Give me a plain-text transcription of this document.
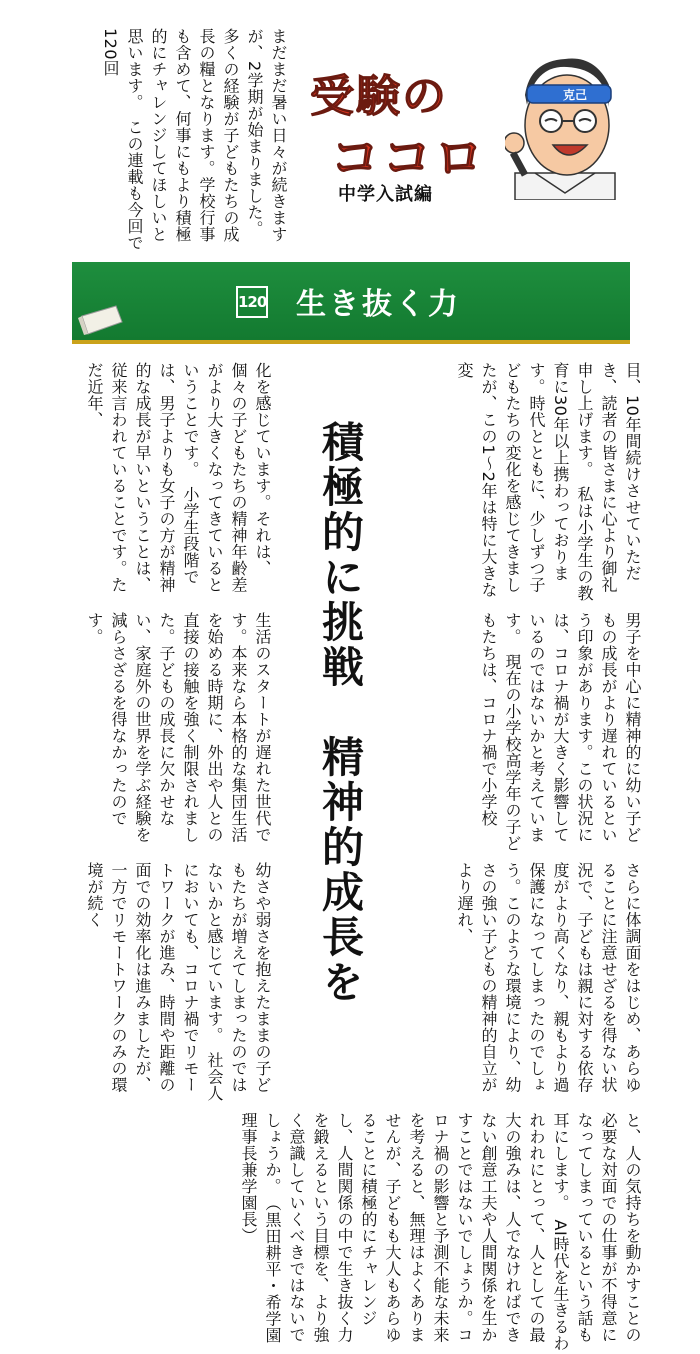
まだまだ暑い日々が続きますが、2学期が始まりました。多くの経験が子どもたちの成長の糧となります。学校行事も含めて、何事にもより積極的にチャレンジしてほしいと思います。　この連載も今回で120回
受験の
ココロ
中学入試編
克己
120 生き抜く力
目、10年間続けさせていただき、読者の皆さまに心より御礼申し上げます。　私は小学生の教育に30年以上携わっております。時代とともに、少しずつ子どもたちの変化を感じてきましたが、この1～2年は特に大きな変
化を感じています。それは、個々の子どもたちの精神年齢差がより大きくなってきているということです。　小学生段階では、男子よりも女子の方が精神的な成長が早いということは、従来言われていることです。ただ近年、
積極的に挑戦　精神的成長を	男子を中心に精神的に幼い子どもの成長がより遅れているという印象があります。この状況には、コロナ禍が大きく影響しているのではないかと考えています。　現在の小学校高学年の子どもたちは、コロナ禍で小学校
生活のスタートが遅れた世代です。本来なら本格的な集団生活を始める時期に、外出や人との直接の接触を強く制限されました。子どもの成長に欠かせない、家庭外の世界を学ぶ経験を減らさざるを得なかったのです。
さらに体調面をはじめ、あらゆることに注意せざるを得ない状況で、子どもは親に対する依存度がより高くなり、親もより過保護になってしまったのでしょう。このような環境により、幼さの強い子どもの精神的自立がより遅れ、
幼さや弱さを抱えたままの子どもたちが増えてしまったのではないかと感じています。　社会人においても、コロナ禍でリモートワークが進み、時間や距離の面での効率化は進みましたが、一方でリモートワークのみの環境が続く
と、人の気持ちを動かすことの必要な対面での仕事が不得意になってしまっているという話も耳にします。　AI時代を生きるわれわれにとって、人としての最大の強みは、人でなければできない創意工夫や人間関係を生かすことではないでしょうか。コロナ禍の影響と予測不能な未来を考えると、無理はよくありませんが、子どもも大人もあらゆることに積極的にチャレンジし、人間関係の中で生き抜く力を鍛えるという目標を、より強く意識していくべきではないでしょうか。　（黒田耕平・希学園理事長兼学園長）
